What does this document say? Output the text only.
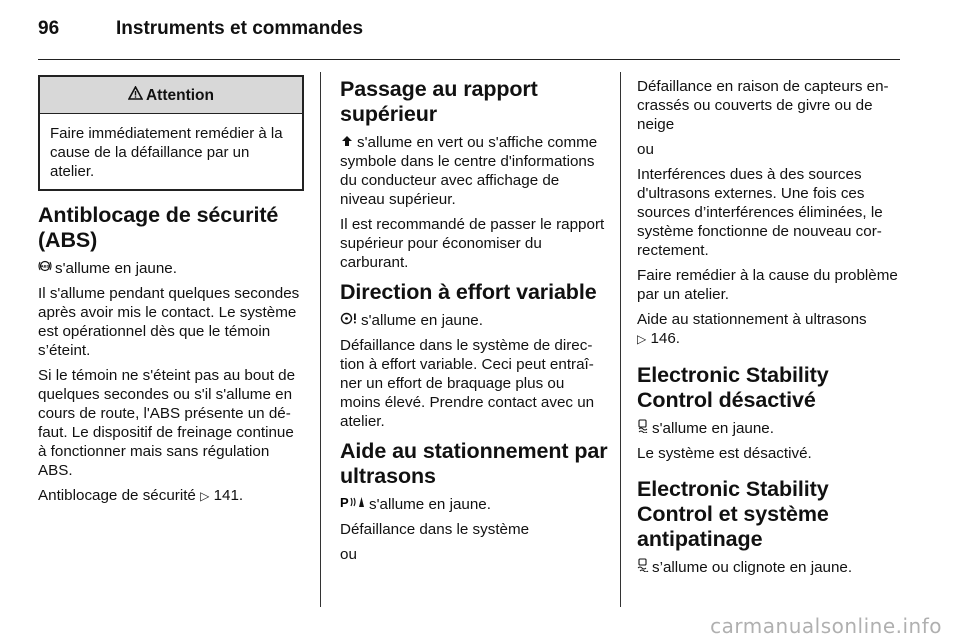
96	Instruments et commandes
Attention
Faire immédiatement remédier à la cause de la défaillance par un atelier.
Antiblocage de sécurité (ABS)

ABS s'allume en jaune.

Il s'allume pendant quelques secondes après avoir mis le contact. Le système est opérationnel dès que le témoin s’éteint.

Si le témoin ne s'éteint pas au bout de quelques secondes ou s'il s'allume en cours de route, l'ABS présente un défaut. Le dispositif de freinage continue à fonctionner mais sans régulation ABS.

Antiblocage de sécurité ▷ 141.

Passage au rapport supérieur

s'allume en vert ou s'affiche comme symbole dans le centre d'informations du conducteur avec affichage de niveau supérieur.

Il est recommandé de passer le rapport supérieur pour économiser du carburant.

Direction à effort variable

s'allume en jaune.

Défaillance dans le système de direction à effort variable. Ceci peut entraîner un effort de braquage plus ou moins élevé. Prendre contact avec un atelier.

Aide au stationnement par ultrasons

P s'allume en jaune.

Défaillance dans le système

ou

Défaillance en raison de capteurs encrassés ou couverts de givre ou de neige

ou

Interférences dues à des sources d'ultrasons externes. Une fois ces sources d’interférences éliminées, le système fonctionne de nouveau correctement.

Faire remédier à la cause du problème par un atelier.

Aide au stationnement à ultrasons
▷ 146.

Electronic Stability Control désactivé

s'allume en jaune.

Le système est désactivé.

Electronic Stability Control et système antipatinage

s’allume ou clignote en jaune.

carmanualsonline.info
